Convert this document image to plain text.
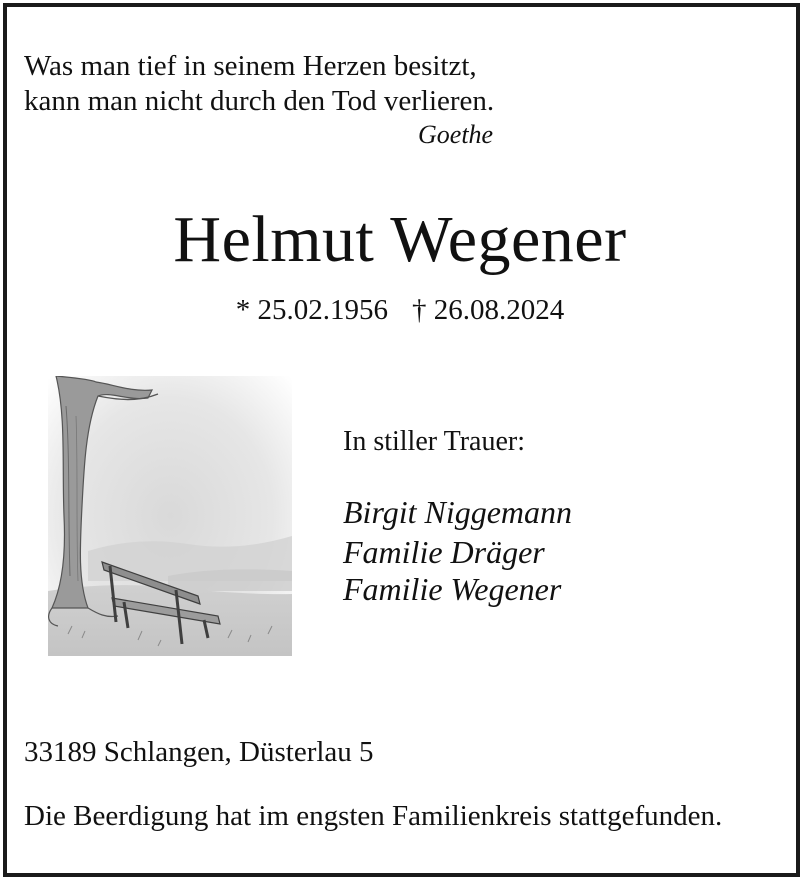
Was man tief in seinem Herzen besitzt,
kann man nicht durch den Tod verlieren.
Goethe
Helmut Wegener
* 25.02.1956 † 26.08.2024
In stiller Trauer:
Birgit Niggemann
Familie Dräger
Familie Wegener
33189 Schlangen, Düsterlau 5
Die Beerdigung hat im engsten Familienkreis stattgefunden.
